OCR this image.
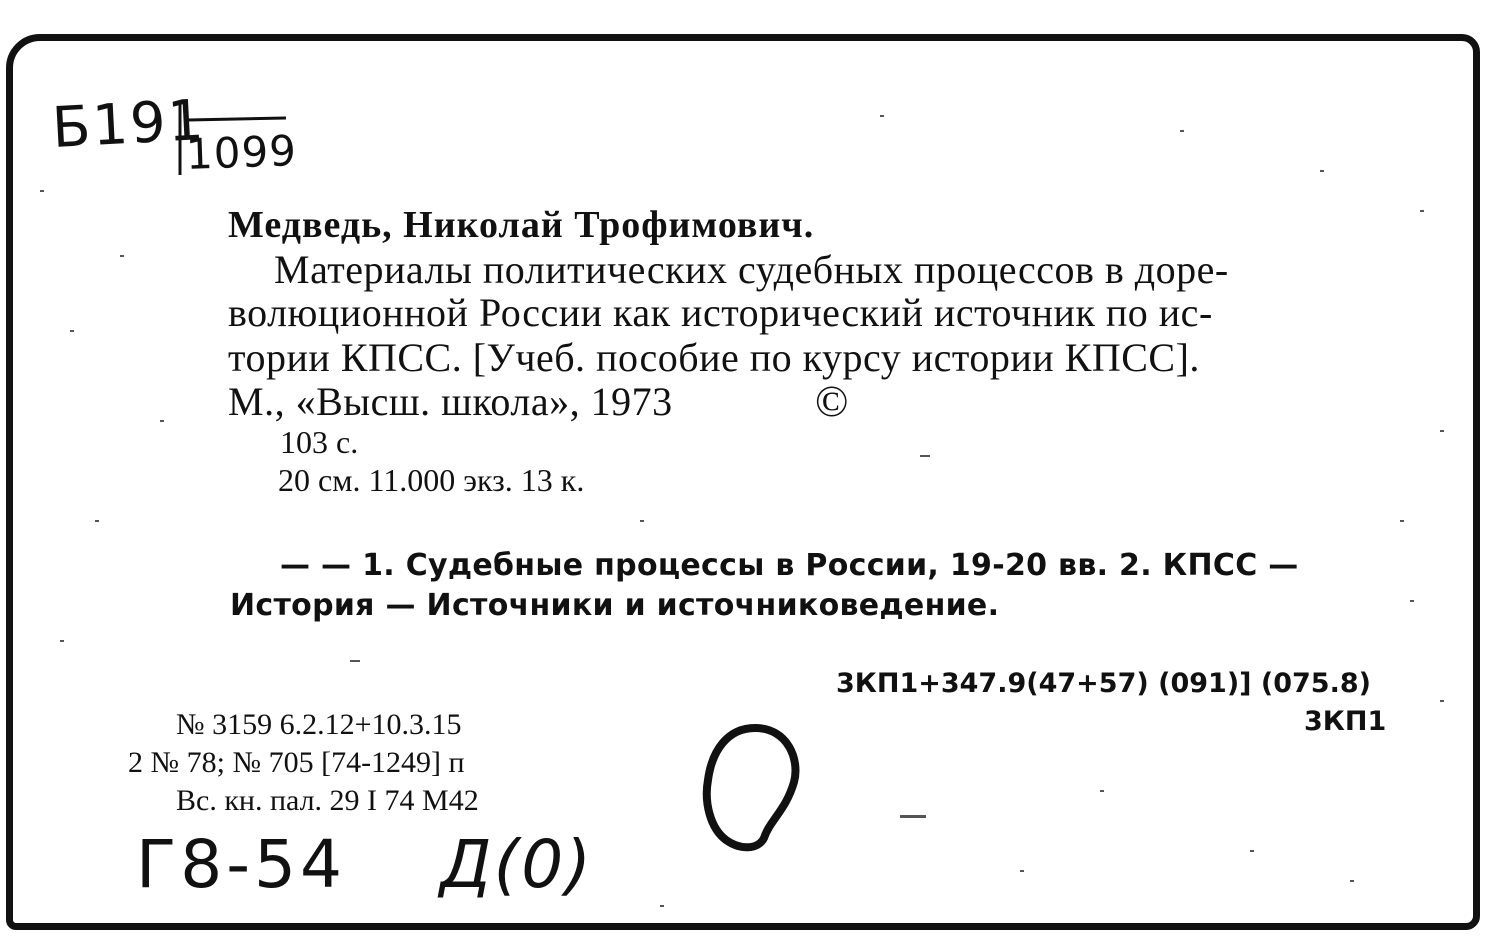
Б191
1099
Медведь, Николай Трофимович.
Материалы политических судебных процессов в доре-
волюционной России как исторический источник по ис-
тории КПСС. [Учеб. пособие по курсу истории КПСС].
М., «Высш. школа», 1973	©
103 с.
20 см. 11.000 экз. 13 к.
— — 1. Судебные процессы в России, 19-20 вв. 2. КПСС —
История — Источники и источниковедение.
3КП1+347.9(47+57) (091)] (075.8)
3КП1
№ 3159 6.2.12+10.3.15
2 № 78; № 705 [74-1249] п
Вс. кн. пал. 29 I 74 М42
Г8-54 Д(0)
